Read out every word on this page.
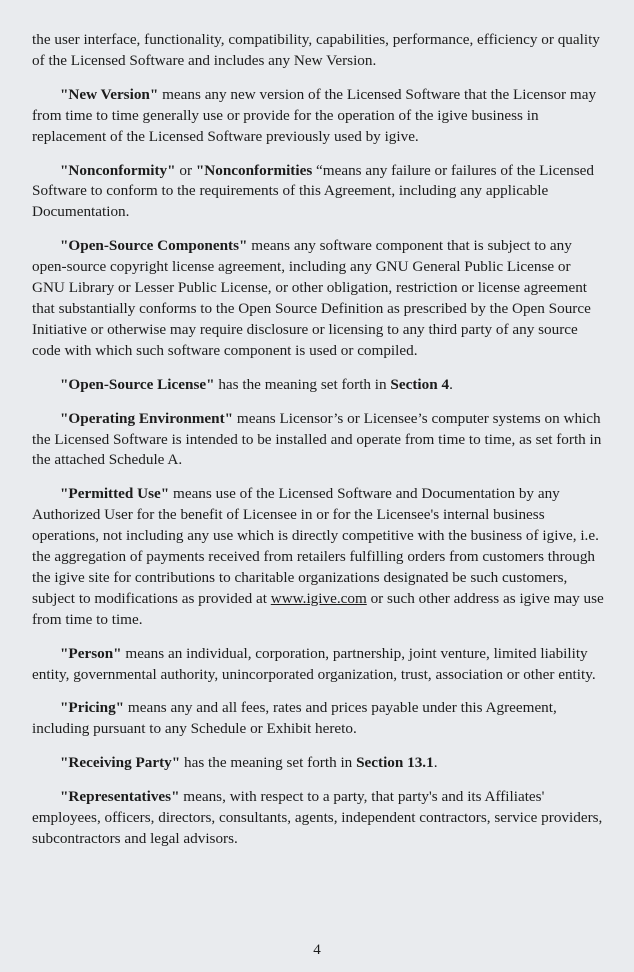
the user interface, functionality, compatibility, capabilities, performance, efficiency or quality of the Licensed Software and includes any New Version.

"New Version" means any new version of the Licensed Software that the Licensor may from time to time generally use or provide for the operation of the igive business in replacement of the Licensed Software previously used by igive.

"Nonconformity" or "Nonconformities “means any failure or failures of the Licensed Software to conform to the requirements of this Agreement, including any applicable Documentation.

"Open-Source Components" means any software component that is subject to any open-source copyright license agreement, including any GNU General Public License or GNU Library or Lesser Public License, or other obligation, restriction or license agreement that substantially conforms to the Open Source Definition as prescribed by the Open Source Initiative or otherwise may require disclosure or licensing to any third party of any source code with which such software component is used or compiled.

"Open-Source License" has the meaning set forth in Section 4.

"Operating Environment" means Licensor’s or Licensee’s computer systems on which the Licensed Software is intended to be installed and operate from time to time, as set forth in the attached Schedule A.

"Permitted Use" means use of the Licensed Software and Documentation by any Authorized User for the benefit of Licensee in or for the Licensee's internal business operations, not including any use which is directly competitive with the business of igive, i.e. the aggregation of payments received from retailers fulfilling orders from customers through the igive site for contributions to charitable organizations designated be such customers, subject to modifications as provided at www.igive.com or such other address as igive may use from time to time.

"Person" means an individual, corporation, partnership, joint venture, limited liability entity, governmental authority, unincorporated organization, trust, association or other entity.

"Pricing" means any and all fees, rates and prices payable under this Agreement, including pursuant to any Schedule or Exhibit hereto.

"Receiving Party" has the meaning set forth in Section 13.1.

"Representatives" means, with respect to a party, that party's and its Affiliates' employees, officers, directors, consultants, agents, independent contractors, service providers, subcontractors and legal advisors.

4
